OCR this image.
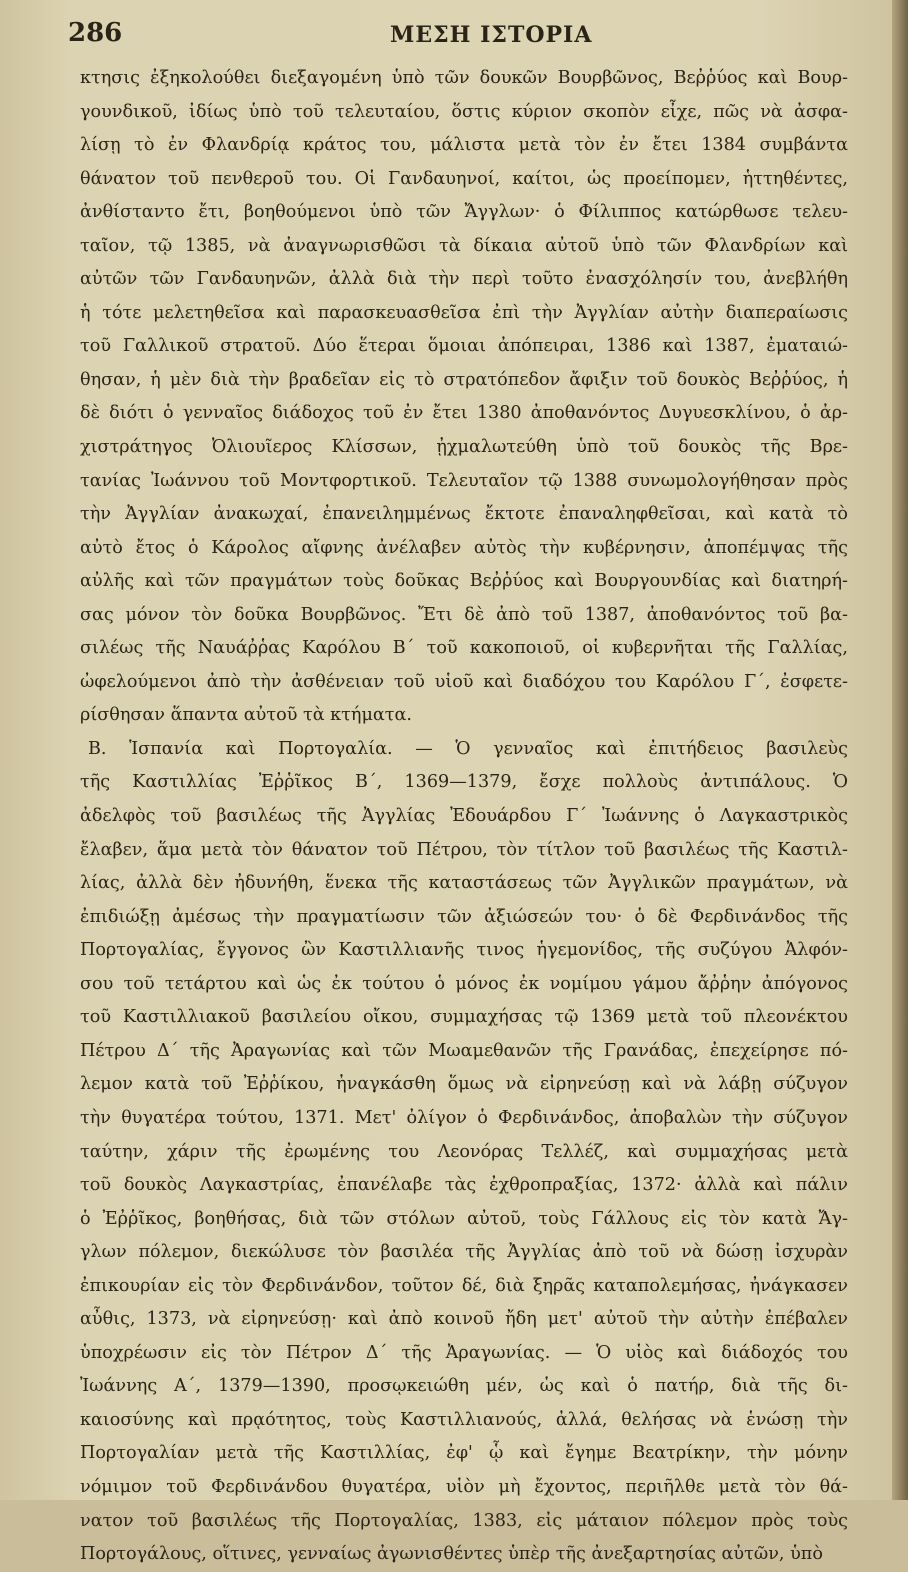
286	ΜΕΣΗ ΙΣΤΟΡΙΑ
κτησις ἐξηκολούθει διεξαγομένη ὑπὸ τῶν δουκῶν Βουρβῶνος, Βεῤῥύος καὶ Βουρ-
γουνδικοῦ, ἰδίως ὑπὸ τοῦ τελευταίου, ὅστις κύριον σκοπὸν εἶχε, πῶς νὰ ἀσφα-
λίσῃ τὸ ἐν Φλανδρίᾳ κράτος του, μάλιστα μετὰ τὸν ἐν ἔτει 1384 συμβάντα
θάνατον τοῦ πενθεροῦ του. Οἱ Γανδαυηνοί, καίτοι, ὡς προείπομεν, ἡττηθέντες,
ἀνθίσταντο ἔτι, βοηθούμενοι ὑπὸ τῶν Ἄγγλων· ὁ Φίλιππος κατώρθωσε τελευ-
ταῖον, τῷ 1385, νὰ ἀναγνωρισθῶσι τὰ δίκαια αὐτοῦ ὑπὸ τῶν Φλανδρίων καὶ
αὐτῶν τῶν Γανδαυηνῶν, ἀλλὰ διὰ τὴν περὶ τοῦτο ἐνασχόλησίν του, ἀνεβλήθη
ἡ τότε μελετηθεῖσα καὶ παρασκευασθεῖσα ἐπὶ τὴν Ἀγγλίαν αὐτὴν διαπεραίωσις
τοῦ Γαλλικοῦ στρατοῦ. Δύο ἕτεραι ὅμοιαι ἀπόπειραι, 1386 καὶ 1387, ἐματαιώ-
θησαν, ἡ μὲν διὰ τὴν βραδεῖαν εἰς τὸ στρατόπεδον ἄφιξιν τοῦ δουκὸς Βεῤῥύος, ἡ
δὲ διότι ὁ γενναῖος διάδοχος τοῦ ἐν ἔτει 1380 ἀποθανόντος Δυγυεσκλίνου, ὁ ἀρ-
χιστράτηγος Ὀλιουῖερος Κλίσσων, ᾐχμαλωτεύθη ὑπὸ τοῦ δουκὸς τῆς Βρε-
τανίας Ἰωάννου τοῦ Μοντφορτικοῦ. Τελευταῖον τῷ 1388 συνωμολογήθησαν πρὸς
τὴν Ἀγγλίαν ἀνακωχαί, ἐπανειλημμένως ἔκτοτε ἐπαναληφθεῖσαι, καὶ κατὰ τὸ
αὐτὸ ἔτος ὁ Κάρολος αἴφνης ἀνέλαβεν αὐτὸς τὴν κυβέρνησιν, ἀποπέμψας τῆς
αὐλῆς καὶ τῶν πραγμάτων τοὺς δοῦκας Βεῤῥύος καὶ Βουργουνδίας καὶ διατηρή-
σας μόνον τὸν δοῦκα Βουρβῶνος. Ἔτι δὲ ἀπὸ τοῦ 1387, ἀποθανόντος τοῦ βα-
σιλέως τῆς Ναυάῤῥας Καρόλου Β΄ τοῦ κακοποιοῦ, οἱ κυβερνῆται τῆς Γαλλίας,
ὠφελούμενοι ἀπὸ τὴν ἀσθένειαν τοῦ υἱοῦ καὶ διαδόχου του Καρόλου Γ΄, ἐσφετε-
ρίσθησαν ἅπαντα αὐτοῦ τὰ κτήματα.
Β. Ἱσπανία καὶ Πορτογαλία. — Ὁ γενναῖος καὶ ἐπιτήδειος βασιλεὺς
τῆς Καστιλλίας Ἐῤῥῖκος Β΄, 1369—1379, ἔσχε πολλοὺς ἀντιπάλους. Ὁ
ἀδελφὸς τοῦ βασιλέως τῆς Ἀγγλίας Ἐδουάρδου Γ΄ Ἰωάννης ὁ Λαγκαστρικὸς
ἔλαβεν, ἅμα μετὰ τὸν θάνατον τοῦ Πέτρου, τὸν τίτλον τοῦ βασιλέως τῆς Καστιλ-
λίας, ἀλλὰ δὲν ἠδυνήθη, ἕνεκα τῆς καταστάσεως τῶν Ἀγγλικῶν πραγμάτων, νὰ
ἐπιδιώξῃ ἀμέσως τὴν πραγματίωσιν τῶν ἀξιώσεών του· ὁ δὲ Φερδινάνδος τῆς
Πορτογαλίας, ἔγγονος ὢν Καστιλλιανῆς τινος ἡγεμονίδος, τῆς συζύγου Ἀλφόν-
σου τοῦ τετάρτου καὶ ὡς ἐκ τούτου ὁ μόνος ἐκ νομίμου γάμου ἄῤῥην ἀπόγονος
τοῦ Καστιλλιακοῦ βασιλείου οἴκου, συμμαχήσας τῷ 1369 μετὰ τοῦ πλεονέκτου
Πέτρου Δ΄ τῆς Ἀραγωνίας καὶ τῶν Μωαμεθανῶν τῆς Γρανάδας, ἐπεχείρησε πό-
λεμον κατὰ τοῦ Ἐῤῥίκου, ἠναγκάσθη ὅμως νὰ εἰρηνεύσῃ καὶ νὰ λάβῃ σύζυγον
τὴν θυγατέρα τούτου, 1371. Μετ' ὀλίγον ὁ Φερδινάνδος, ἀποβαλὼν τὴν σύζυγον
ταύτην, χάριν τῆς ἐρωμένης του Λεονόρας Τελλέζ, καὶ συμμαχήσας μετὰ
τοῦ δουκὸς Λαγκαστρίας, ἐπανέλαβε τὰς ἐχθροπραξίας, 1372· ἀλλὰ καὶ πάλιν
ὁ Ἐῤῥῖκος, βοηθήσας, διὰ τῶν στόλων αὐτοῦ, τοὺς Γάλλους εἰς τὸν κατὰ Ἄγ-
γλων πόλεμον, διεκώλυσε τὸν βασιλέα τῆς Ἀγγλίας ἀπὸ τοῦ νὰ δώσῃ ἰσχυρὰν
ἐπικουρίαν εἰς τὸν Φερδινάνδον, τοῦτον δέ, διὰ ξηρᾶς καταπολεμήσας, ἠνάγκασεν
αὖθις, 1373, νὰ εἰρηνεύσῃ· καὶ ἀπὸ κοινοῦ ἤδη μετ' αὐτοῦ τὴν αὐτὴν ἐπέβαλεν
ὑποχρέωσιν εἰς τὸν Πέτρον Δ΄ τῆς Ἀραγωνίας. — Ὁ υἱὸς καὶ διάδοχός του
Ἰωάννης Α΄, 1379—1390, προσῳκειώθη μέν, ὡς καὶ ὁ πατήρ, διὰ τῆς δι-
καιοσύνης καὶ πρᾳότητος, τοὺς Καστιλλιανούς, ἀλλά, θελήσας νὰ ἑνώσῃ τὴν
Πορτογαλίαν μετὰ τῆς Καστιλλίας, ἐφ' ᾧ καὶ ἔγημε Βεατρίκην, τὴν μόνην
νόμιμον τοῦ Φερδινάνδου θυγατέρα, υἱὸν μὴ ἔχοντος, περιῆλθε μετὰ τὸν θά-
νατον τοῦ βασιλέως τῆς Πορτογαλίας, 1383, εἰς μάταιον πόλεμον πρὸς τοὺς
Πορτογάλους, οἵτινες, γενναίως ἀγωνισθέντες ὑπὲρ τῆς ἀνεξαρτησίας αὐτῶν, ὑπὸ
